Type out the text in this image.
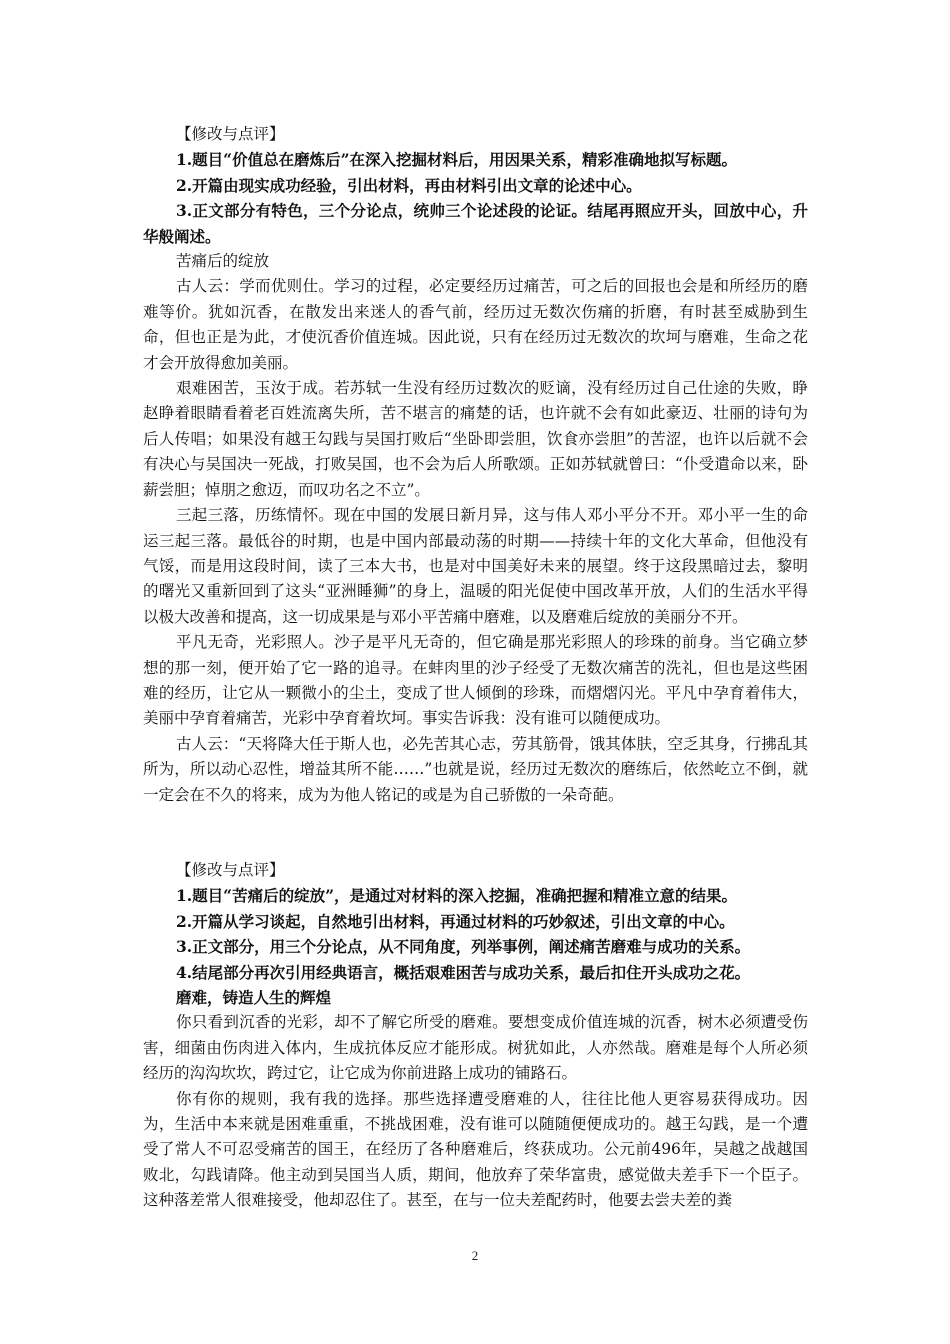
【修改与点评】

1.题目“价值总在磨炼后”在深入挖掘材料后，用因果关系，精彩准确地拟写标题。

2.开篇由现实成功经验，引出材料，再由材料引出文章的论述中心。

3.正文部分有特色，三个分论点，统帅三个论述段的论证。结尾再照应开头，回放中心，升华般阐述。

苦痛后的绽放

古人云：学而优则仕。学习的过程，必定要经历过痛苦，可之后的回报也会是和所经历的磨难等价。犹如沉香，在散发出来迷人的香气前，经历过无数次伤痛的折磨，有时甚至威胁到生命，但也正是为此，才使沉香价值连城。因此说，只有在经历过无数次的坎坷与磨难，生命之花才会开放得愈加美丽。

艰难困苦，玉汝于成。若苏轼一生没有经历过数次的贬谪，没有经历过自己仕途的失败，睁赵睁着眼睛看着老百姓流离失所，苦不堪言的痛楚的话，也许就不会有如此豪迈、壮丽的诗句为后人传唱；如果没有越王勾践与吴国打败后“坐卧即尝胆，饮食亦尝胆”的苦涩，也许以后就不会有决心与吴国决一死战，打败吴国，也不会为后人所歌颂。正如苏轼就曾曰：“仆受遣命以来，卧薪尝胆；悼朋之愈迈，而叹功名之不立”。

三起三落，历练情怀。现在中国的发展日新月异，这与伟人邓小平分不开。邓小平一生的命运三起三落。最低谷的时期，也是中国内部最动荡的时期——持续十年的文化大革命，但他没有气馁，而是用这段时间，读了三本大书，也是对中国美好未来的展望。终于这段黑暗过去，黎明的曙光又重新回到了这头“亚洲睡狮”的身上，温暖的阳光促使中国改革开放，人们的生活水平得以极大改善和提高，这一切成果是与邓小平苦痛中磨难，以及磨难后绽放的美丽分不开。

平凡无奇，光彩照人。沙子是平凡无奇的，但它确是那光彩照人的珍珠的前身。当它确立梦想的那一刻，便开始了它一路的追寻。在蚌肉里的沙子经受了无数次痛苦的洗礼，但也是这些困难的经历，让它从一颗微小的尘土，变成了世人倾倒的珍珠，而熠熠闪光。平凡中孕育着伟大，美丽中孕育着痛苦，光彩中孕育着坎坷。事实告诉我：没有谁可以随便成功。

古人云：“天将降大任于斯人也，必先苦其心志，劳其筋骨，饿其体肤，空乏其身，行拂乱其所为，所以动心忍性，增益其所不能……”也就是说，经历过无数次的磨练后，依然屹立不倒，就一定会在不久的将来，成为为他人铭记的或是为自己骄傲的一朵奇葩。

【修改与点评】

1.题目“苦痛后的绽放”，是通过对材料的深入挖掘，准确把握和精准立意的结果。

2.开篇从学习谈起，自然地引出材料，再通过材料的巧妙叙述，引出文章的中心。

3.正文部分，用三个分论点，从不同角度，列举事例，阐述痛苦磨难与成功的关系。

4.结尾部分再次引用经典语言，概括艰难困苦与成功关系，最后扣住开头成功之花。

磨难，铸造人生的辉煌

你只看到沉香的光彩，却不了解它所受的磨难。要想变成价值连城的沉香，树木必须遭受伤害，细菌由伤肉进入体内，生成抗体反应才能形成。树犹如此，人亦然哉。磨难是每个人所必须经历的沟沟坎坎，跨过它，让它成为你前进路上成功的铺路石。

你有你的规则，我有我的选择。那些选择遭受磨难的人，往往比他人更容易获得成功。因为，生活中本来就是困难重重，不挑战困难，没有谁可以随随便便成功的。越王勾践，是一个遭受了常人不可忍受痛苦的国王，在经历了各种磨难后，终获成功。公元前496年，吴越之战越国败北，勾践请降。他主动到吴国当人质，期间，他放弃了荣华富贵，感觉做夫差手下一个臣子。这种落差常人很难接受，他却忍住了。甚至，在与一位夫差配药时，他要去尝夫差的粪

2
